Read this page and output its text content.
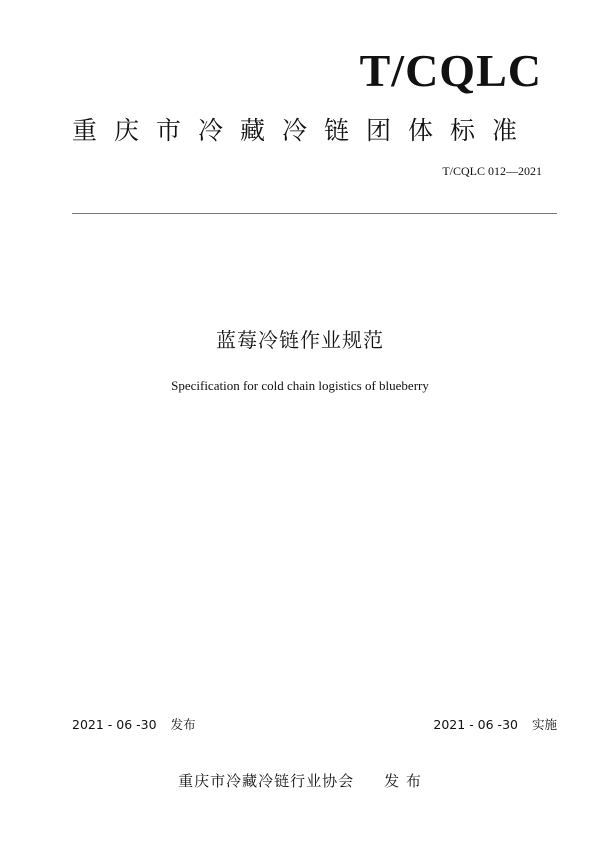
T/CQLC
重庆市冷藏冷链团体标准
T/CQLC 012—2021
蓝莓冷链作业规范
Specification for cold chain logistics of blueberry
2021 - 06 -30 发布	2021 - 06 -30 实施
重庆市冷藏冷链行业协会 发 布
